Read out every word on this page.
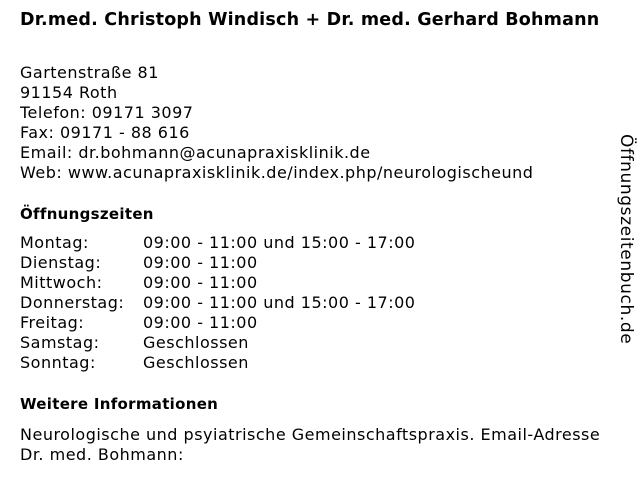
Dr.med. Christoph Windisch + Dr. med. Gerhard Bohmann
Gartenstraße 81
91154 Roth
Telefon: 09171 3097
Fax: 09171 - 88 616
Email: dr.bohmann@acunapraxisklinik.de
Web: www.acunapraxisklinik.de/index.php/neurologischeund
Öffnungszeiten
Montag:	09:00 - 11:00 und 15:00 - 17:00
Dienstag:	09:00 - 11:00
Mittwoch:	09:00 - 11:00
Donnerstag:	09:00 - 11:00 und 15:00 - 17:00
Freitag:	09:00 - 11:00
Samstag:	Geschlossen
Sonntag:	Geschlossen
Weitere Informationen
Neurologische und psyiatrische Gemeinschaftspraxis. Email-Adresse Dr. med. Bohmann:
Öffnungszeitenbuch.de
